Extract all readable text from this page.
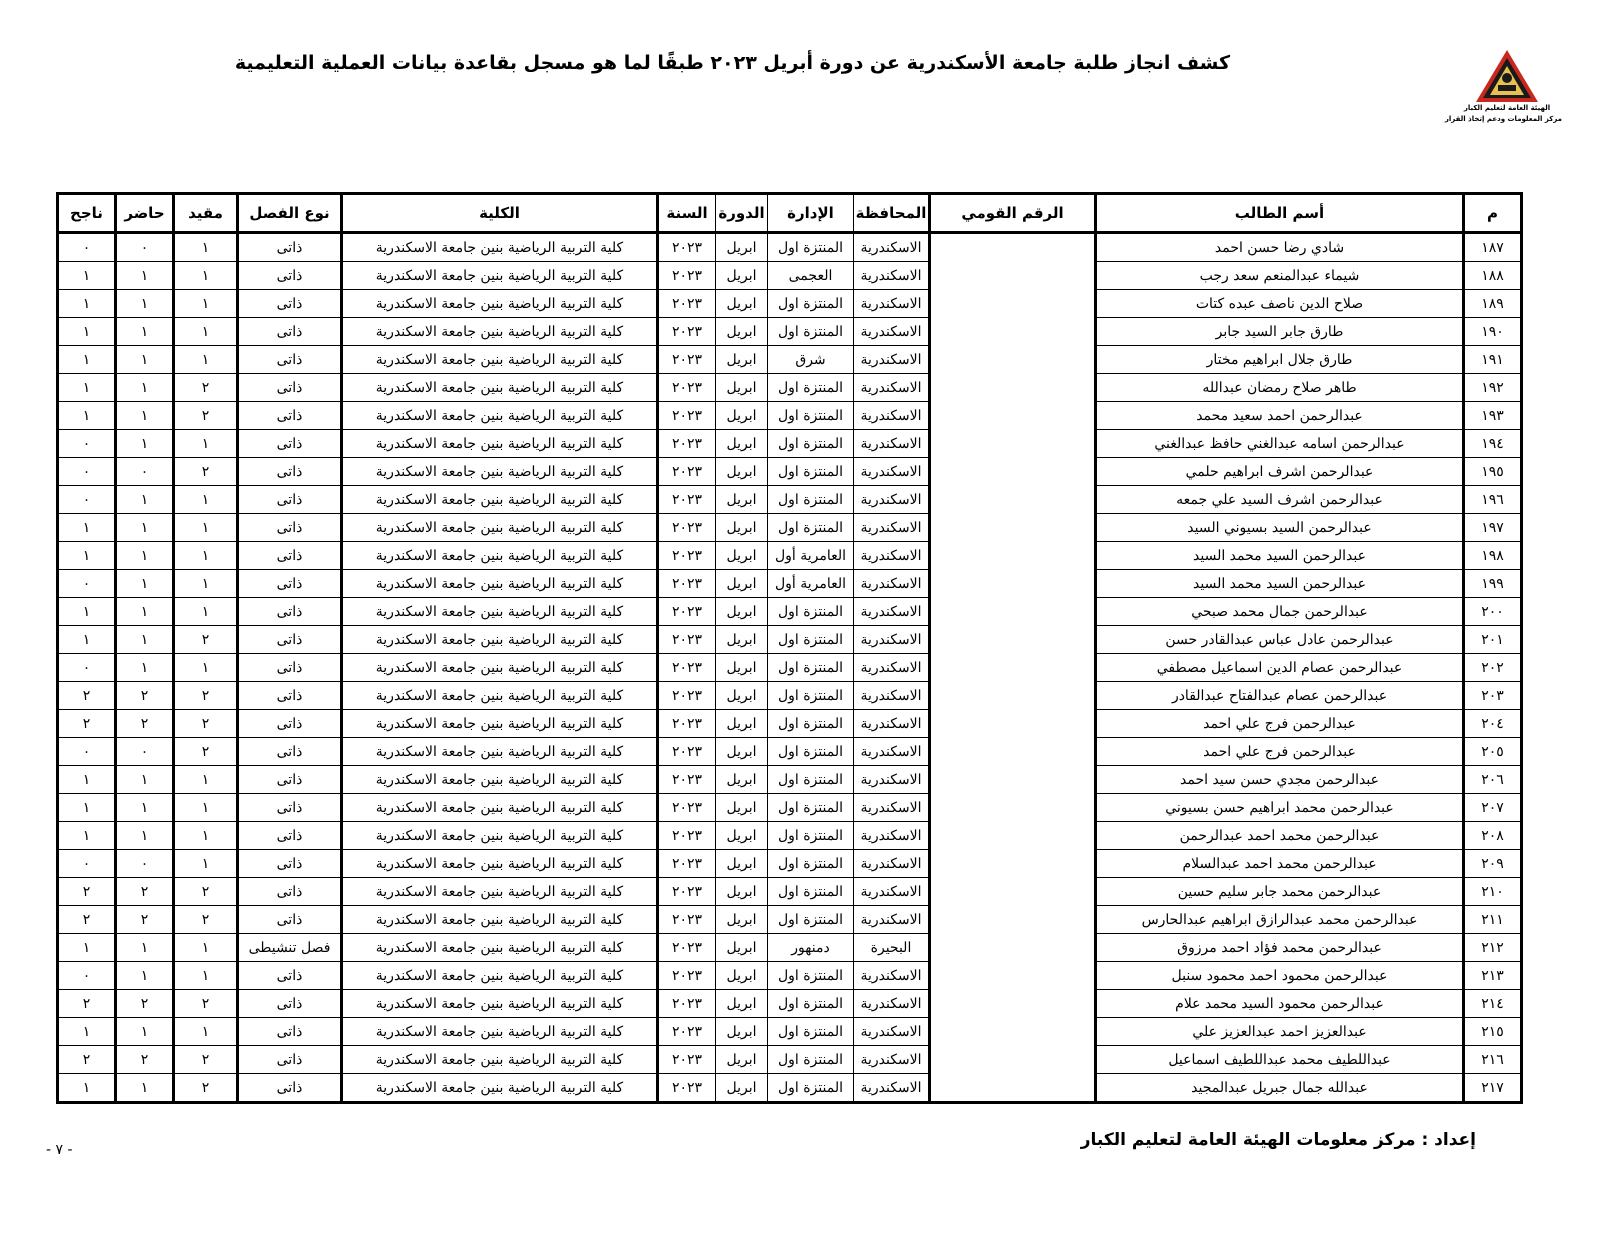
كشف انجاز طلبة جامعة الأسكندرية عن دورة أبريل ٢٠٢٣ طبقًا لما هو مسجل بقاعدة بيانات العملية التعليمية
الهيئة العامة لتعليم الكبار
مركز المعلومات ودعم إتخاذ القرار
م	أسم الطالب	الرقم القومي	المحافظة	الإدارة	الدورة	السنة	الكلية	نوع الفصل	مقيد	حاضر	ناجح
١٨٧	شادي رضا حسن احمد		الاسكندرية	المنتزة اول	ابريل	٢٠٢٣	كلية التربية الرياضية بنين جامعة الاسكندرية	ذاتى	١	٠	٠
١٨٨	شيماء عبدالمنعم سعد رجب		الاسكندرية	العجمى	ابريل	٢٠٢٣	كلية التربية الرياضية بنين جامعة الاسكندرية	ذاتى	١	١	١
١٨٩	صلاح الدين ناصف عبده كتات		الاسكندرية	المنتزة اول	ابريل	٢٠٢٣	كلية التربية الرياضية بنين جامعة الاسكندرية	ذاتى	١	١	١
١٩٠	طارق جابر السيد جابر		الاسكندرية	المنتزة اول	ابريل	٢٠٢٣	كلية التربية الرياضية بنين جامعة الاسكندرية	ذاتى	١	١	١
١٩١	طارق جلال ابراهيم مختار		الاسكندرية	شرق	ابريل	٢٠٢٣	كلية التربية الرياضية بنين جامعة الاسكندرية	ذاتى	١	١	١
١٩٢	طاهر صلاح رمضان عبدالله		الاسكندرية	المنتزة اول	ابريل	٢٠٢٣	كلية التربية الرياضية بنين جامعة الاسكندرية	ذاتى	٢	١	١
١٩٣	عبدالرحمن احمد سعيد محمد		الاسكندرية	المنتزة اول	ابريل	٢٠٢٣	كلية التربية الرياضية بنين جامعة الاسكندرية	ذاتى	٢	١	١
١٩٤	عبدالرحمن اسامه عبدالغني حافظ عبدالغني		الاسكندرية	المنتزة اول	ابريل	٢٠٢٣	كلية التربية الرياضية بنين جامعة الاسكندرية	ذاتى	١	١	٠
١٩٥	عبدالرحمن اشرف ابراهيم حلمي		الاسكندرية	المنتزة اول	ابريل	٢٠٢٣	كلية التربية الرياضية بنين جامعة الاسكندرية	ذاتى	٢	٠	٠
١٩٦	عبدالرحمن اشرف السيد علي جمعه		الاسكندرية	المنتزة اول	ابريل	٢٠٢٣	كلية التربية الرياضية بنين جامعة الاسكندرية	ذاتى	١	١	٠
١٩٧	عبدالرحمن السيد بسيوني السيد		الاسكندرية	المنتزة اول	ابريل	٢٠٢٣	كلية التربية الرياضية بنين جامعة الاسكندرية	ذاتى	١	١	١
١٩٨	عبدالرحمن السيد محمد السيد		الاسكندرية	العامرية أول	ابريل	٢٠٢٣	كلية التربية الرياضية بنين جامعة الاسكندرية	ذاتى	١	١	١
١٩٩	عبدالرحمن السيد محمد السيد		الاسكندرية	العامرية أول	ابريل	٢٠٢٣	كلية التربية الرياضية بنين جامعة الاسكندرية	ذاتى	١	١	٠
٢٠٠	عبدالرحمن جمال محمد صبحي		الاسكندرية	المنتزة اول	ابريل	٢٠٢٣	كلية التربية الرياضية بنين جامعة الاسكندرية	ذاتى	١	١	١
٢٠١	عبدالرحمن عادل عباس عبدالقادر حسن		الاسكندرية	المنتزة اول	ابريل	٢٠٢٣	كلية التربية الرياضية بنين جامعة الاسكندرية	ذاتى	٢	١	١
٢٠٢	عبدالرحمن عصام الدين اسماعيل مصطفي		الاسكندرية	المنتزة اول	ابريل	٢٠٢٣	كلية التربية الرياضية بنين جامعة الاسكندرية	ذاتى	١	١	٠
٢٠٣	عبدالرحمن عصام عبدالفتاح عبدالقادر		الاسكندرية	المنتزة اول	ابريل	٢٠٢٣	كلية التربية الرياضية بنين جامعة الاسكندرية	ذاتى	٢	٢	٢
٢٠٤	عبدالرحمن فرج علي احمد		الاسكندرية	المنتزة اول	ابريل	٢٠٢٣	كلية التربية الرياضية بنين جامعة الاسكندرية	ذاتى	٢	٢	٢
٢٠٥	عبدالرحمن فرج علي احمد		الاسكندرية	المنتزة اول	ابريل	٢٠٢٣	كلية التربية الرياضية بنين جامعة الاسكندرية	ذاتى	٢	٠	٠
٢٠٦	عبدالرحمن مجدي حسن سيد احمد		الاسكندرية	المنتزة اول	ابريل	٢٠٢٣	كلية التربية الرياضية بنين جامعة الاسكندرية	ذاتى	١	١	١
٢٠٧	عبدالرحمن محمد ابراهيم حسن بسيوني		الاسكندرية	المنتزة اول	ابريل	٢٠٢٣	كلية التربية الرياضية بنين جامعة الاسكندرية	ذاتى	١	١	١
٢٠٨	عبدالرحمن محمد احمد عبدالرحمن		الاسكندرية	المنتزة اول	ابريل	٢٠٢٣	كلية التربية الرياضية بنين جامعة الاسكندرية	ذاتى	١	١	١
٢٠٩	عبدالرحمن محمد احمد عبدالسلام		الاسكندرية	المنتزة اول	ابريل	٢٠٢٣	كلية التربية الرياضية بنين جامعة الاسكندرية	ذاتى	١	٠	٠
٢١٠	عبدالرحمن محمد جابر سليم حسين		الاسكندرية	المنتزة اول	ابريل	٢٠٢٣	كلية التربية الرياضية بنين جامعة الاسكندرية	ذاتى	٢	٢	٢
٢١١	عبدالرحمن محمد عبدالرازق ابراهيم عبدالحارس		الاسكندرية	المنتزة اول	ابريل	٢٠٢٣	كلية التربية الرياضية بنين جامعة الاسكندرية	ذاتى	٢	٢	٢
٢١٢	عبدالرحمن محمد فؤاد احمد مرزوق		البحيرة	دمنهور	ابريل	٢٠٢٣	كلية التربية الرياضية بنين جامعة الاسكندرية	فصل تنشيطى	١	١	١
٢١٣	عبدالرحمن محمود احمد محمود سنبل		الاسكندرية	المنتزة اول	ابريل	٢٠٢٣	كلية التربية الرياضية بنين جامعة الاسكندرية	ذاتى	١	١	٠
٢١٤	عبدالرحمن محمود السيد محمد علام		الاسكندرية	المنتزة اول	ابريل	٢٠٢٣	كلية التربية الرياضية بنين جامعة الاسكندرية	ذاتى	٢	٢	٢
٢١٥	عبدالعزيز احمد عبدالعزيز علي		الاسكندرية	المنتزة اول	ابريل	٢٠٢٣	كلية التربية الرياضية بنين جامعة الاسكندرية	ذاتى	١	١	١
٢١٦	عبداللطيف محمد عبداللطيف اسماعيل		الاسكندرية	المنتزة اول	ابريل	٢٠٢٣	كلية التربية الرياضية بنين جامعة الاسكندرية	ذاتى	٢	٢	٢
٢١٧	عبدالله جمال جبريل عبدالمجيد		الاسكندرية	المنتزة اول	ابريل	٢٠٢٣	كلية التربية الرياضية بنين جامعة الاسكندرية	ذاتى	٢	١	١
إعداد : مركز معلومات الهيئة العامة لتعليم الكبار
- ٧ -
